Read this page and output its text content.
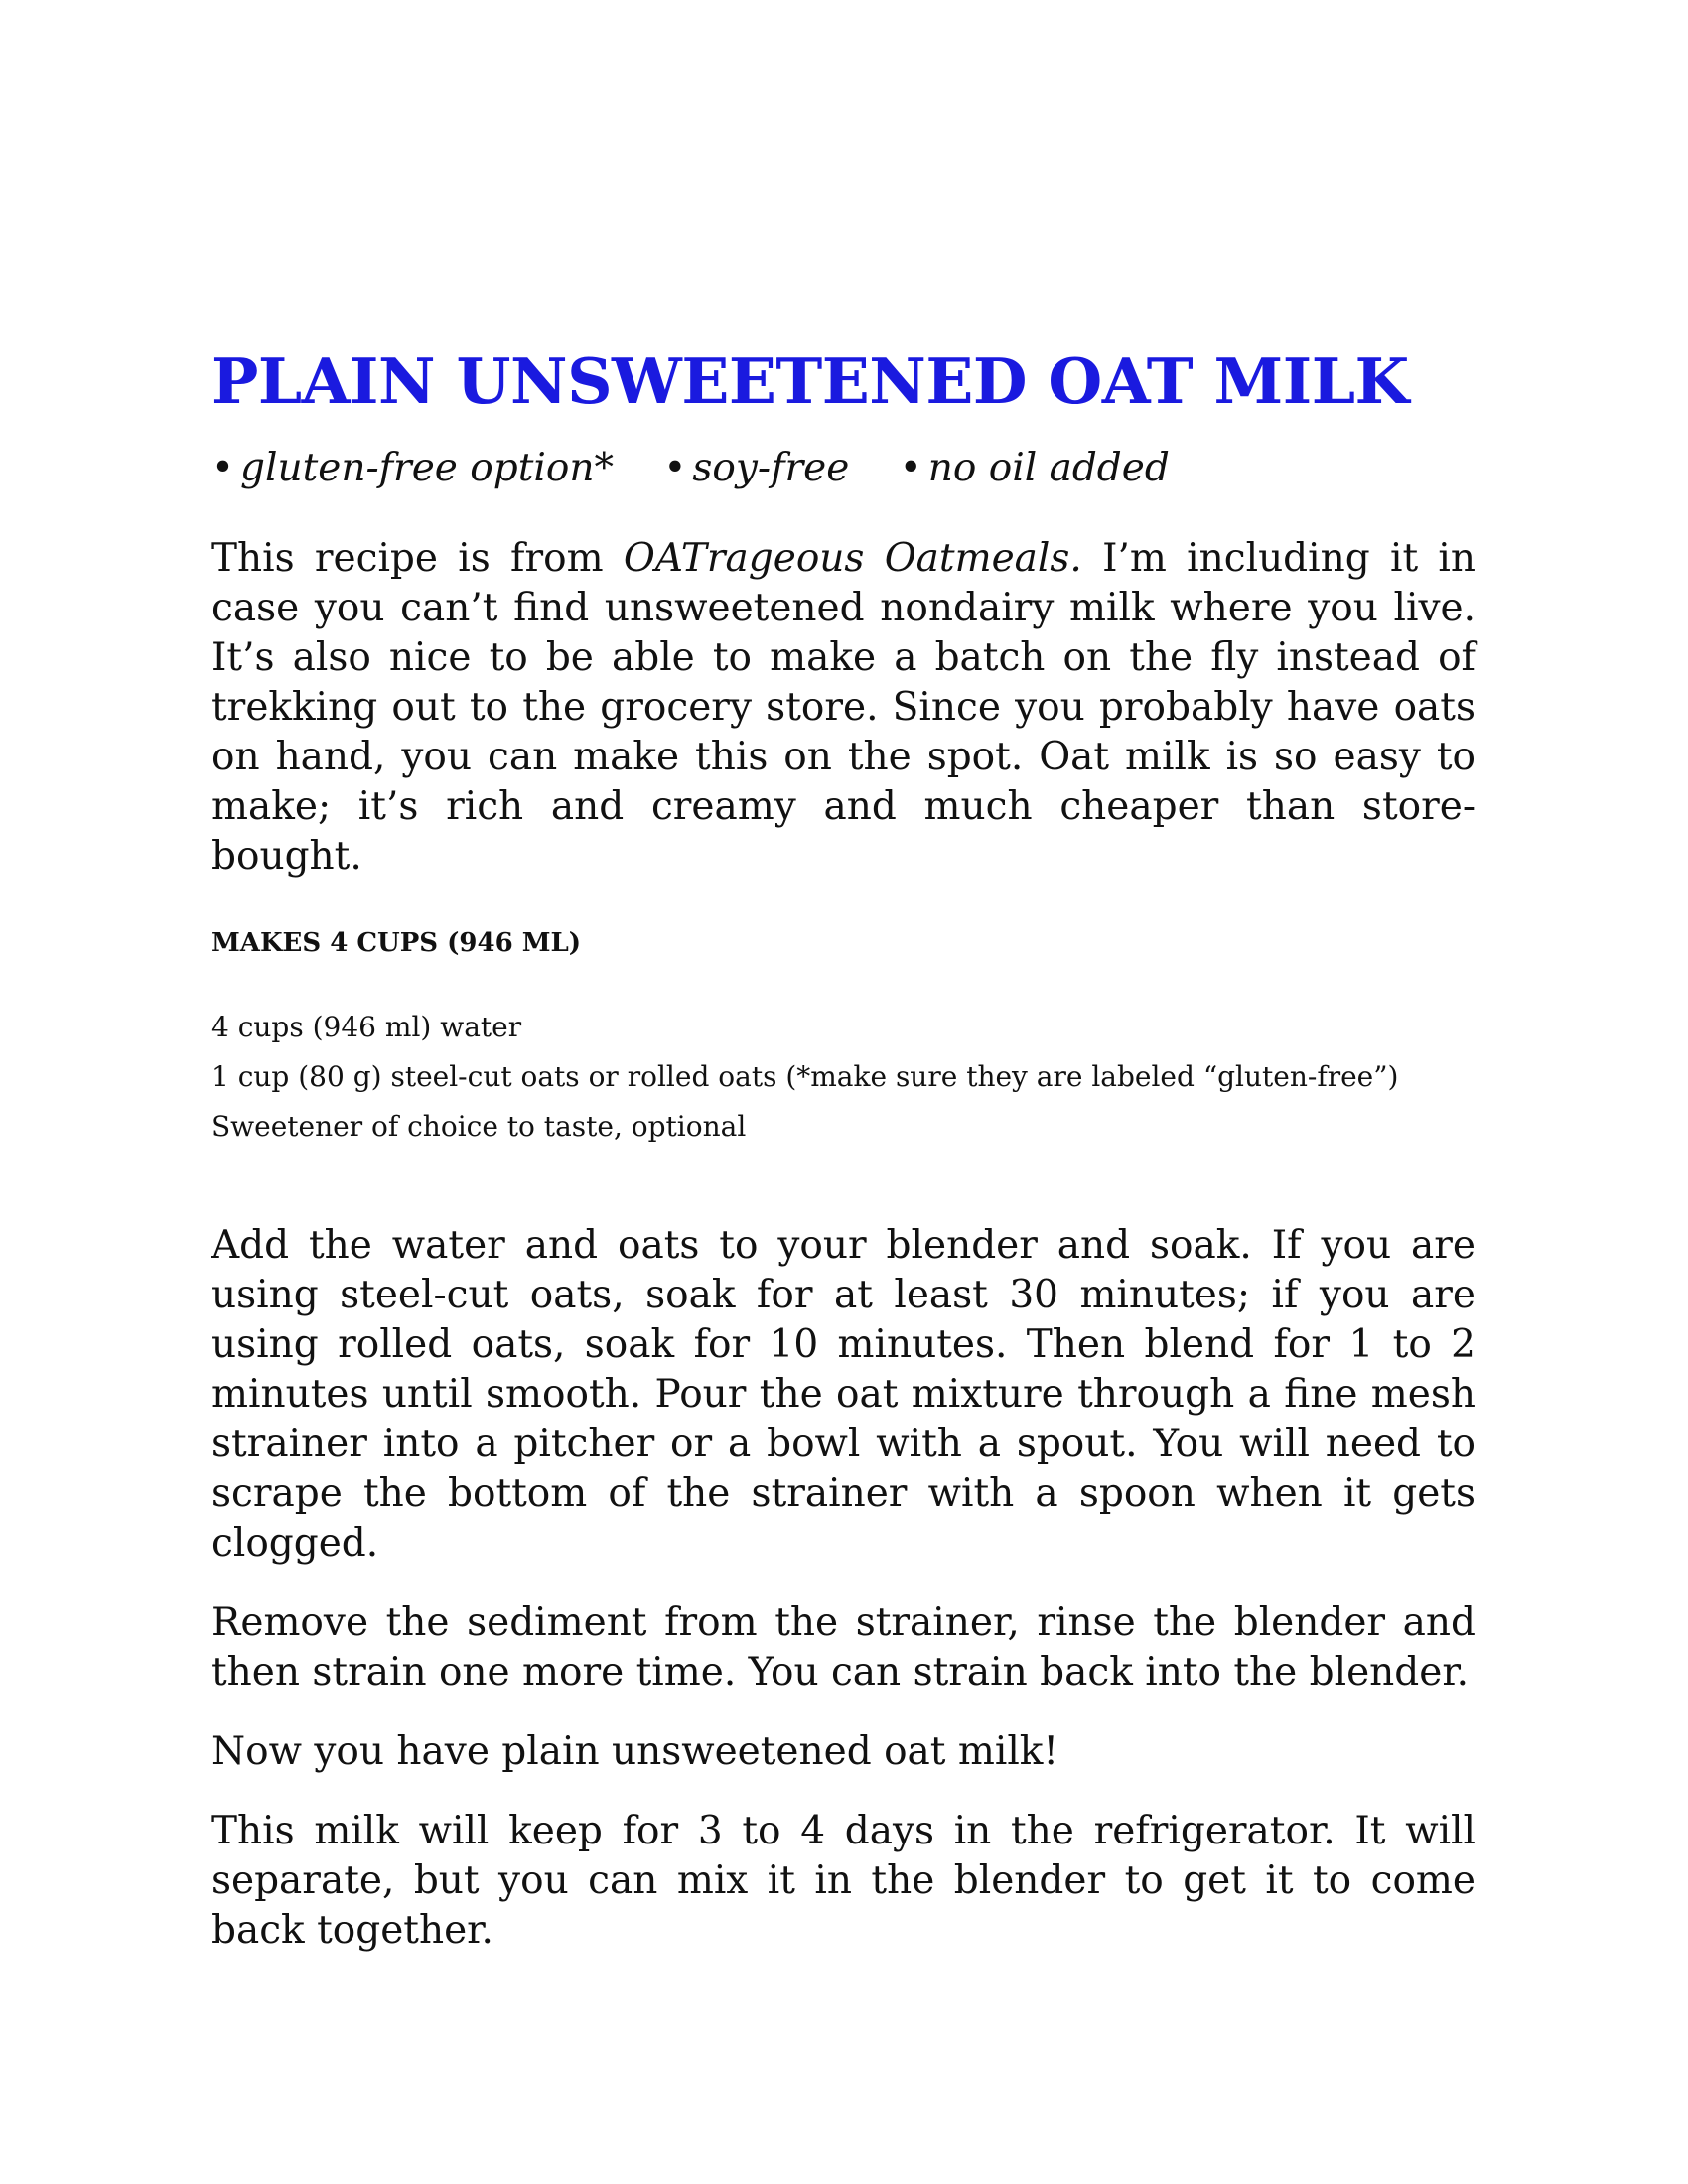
PLAIN UNSWEETENED OAT MILK
• gluten-free option* • soy-free • no oil added

This recipe is from OATrageous Oatmeals. I’m including it in case you can’t find unsweetened nondairy milk where you live. It’s also nice to be able to make a batch on the fly instead of trekking out to the grocery store. Since you probably have oats on hand, you can make this on the spot. Oat milk is so easy to make; it’s rich and creamy and much cheaper than store-bought.

MAKES 4 CUPS (946 ML)
4 cups (946 ml) water
1 cup (80 g) steel-cut oats or rolled oats (*make sure they are labeled “gluten-free”)
Sweetener of choice to taste, optional

Add the water and oats to your blender and soak. If you are using steel-cut oats, soak for at least 30 minutes; if you are using rolled oats, soak for 10 minutes. Then blend for 1 to 2 minutes until smooth. Pour the oat mixture through a fine mesh strainer into a pitcher or a bowl with a spout. You will need to scrape the bottom of the strainer with a spoon when it gets clogged.

Remove the sediment from the strainer, rinse the blender and then strain one more time. You can strain back into the blender.

Now you have plain unsweetened oat milk!

This milk will keep for 3 to 4 days in the refrigerator. It will separate, but you can mix it in the blender to get it to come back together.
